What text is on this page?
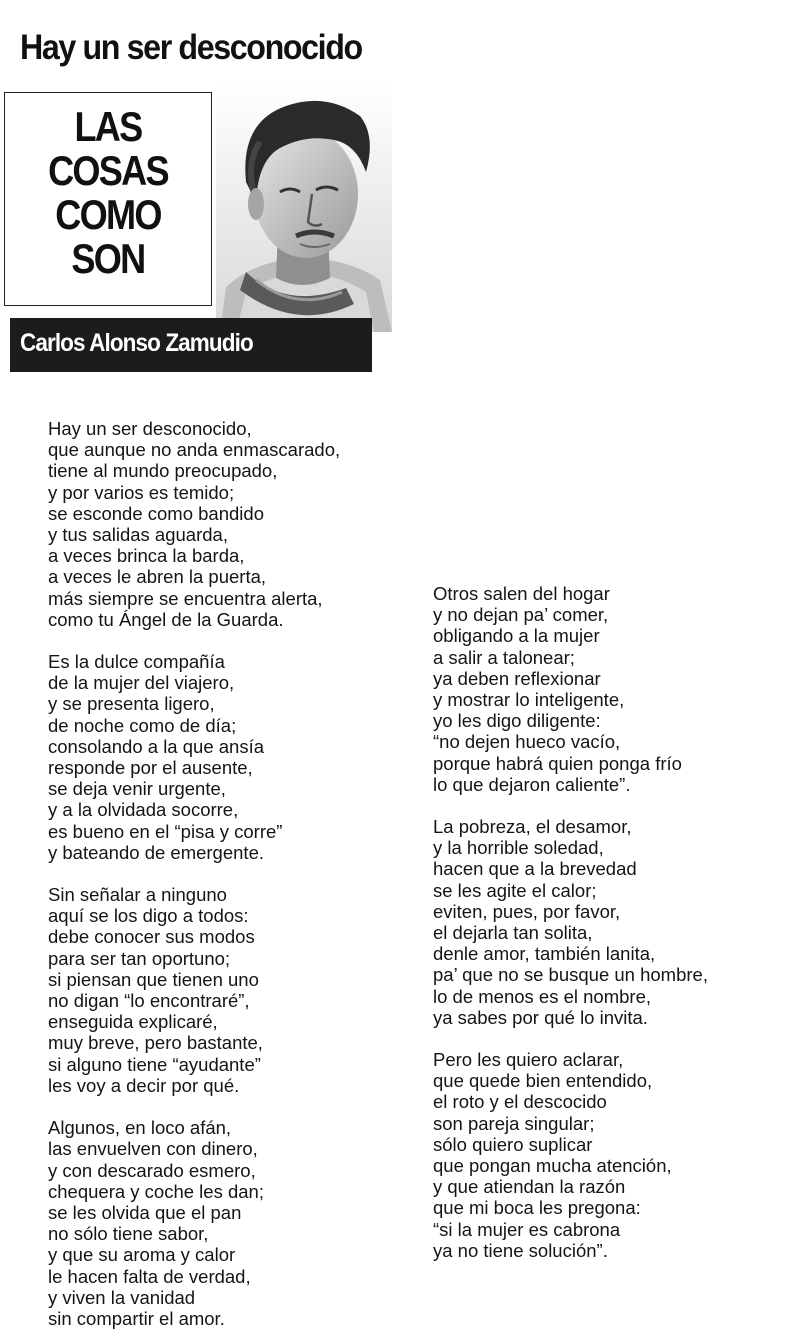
Hay un ser desconocido
LAS
COSAS
COMO
SON
Carlos Alonso Zamudio
Hay un ser desconocido,
que aunque no anda enmascarado,
tiene al mundo preocupado,
y por varios es temido;
se esconde como bandido
y tus salidas aguarda,
a veces brinca la barda,
a veces le abren la puerta,
más siempre se encuentra alerta,
como tu Ángel de la Guarda.
Es la dulce compañía
de la mujer del viajero,
y se presenta ligero,
de noche como de día;
consolando a la que ansía
responde por el ausente,
se deja venir urgente,
y a la olvidada socorre,
es bueno en el “pisa y corre”
y bateando de emergente.
Sin señalar a ninguno
aquí se los digo a todos:
debe conocer sus modos
para ser tan oportuno;
si piensan que tienen uno
no digan “lo encontraré”,
enseguida explicaré,
muy breve, pero bastante,
si alguno tiene “ayudante”
les voy a decir por qué.
Algunos, en loco afán,
las envuelven con dinero,
y con descarado esmero,
chequera y coche les dan;
se les olvida que el pan
no sólo tiene sabor,
y que su aroma y calor
le hacen falta de verdad,
y viven la vanidad
sin compartir el amor.
Otros salen del hogar
y no dejan pa’ comer,
obligando a la mujer
a salir a talonear;
ya deben reflexionar
y mostrar lo inteligente,
yo les digo diligente:
“no dejen hueco vacío,
porque habrá quien ponga frío
lo que dejaron caliente”.
La pobreza, el desamor,
y la horrible soledad,
hacen que a la brevedad
se les agite el calor;
eviten, pues, por favor,
el dejarla tan solita,
denle amor, también lanita,
pa’ que no se busque un hombre,
lo de menos es el nombre,
ya sabes por qué lo invita.
Pero les quiero aclarar,
que quede bien entendido,
el roto y el descocido
son pareja singular;
sólo quiero suplicar
que pongan mucha atención,
y que atiendan la razón
que mi boca les pregona:
“si la mujer es cabrona
ya no tiene solución”.
